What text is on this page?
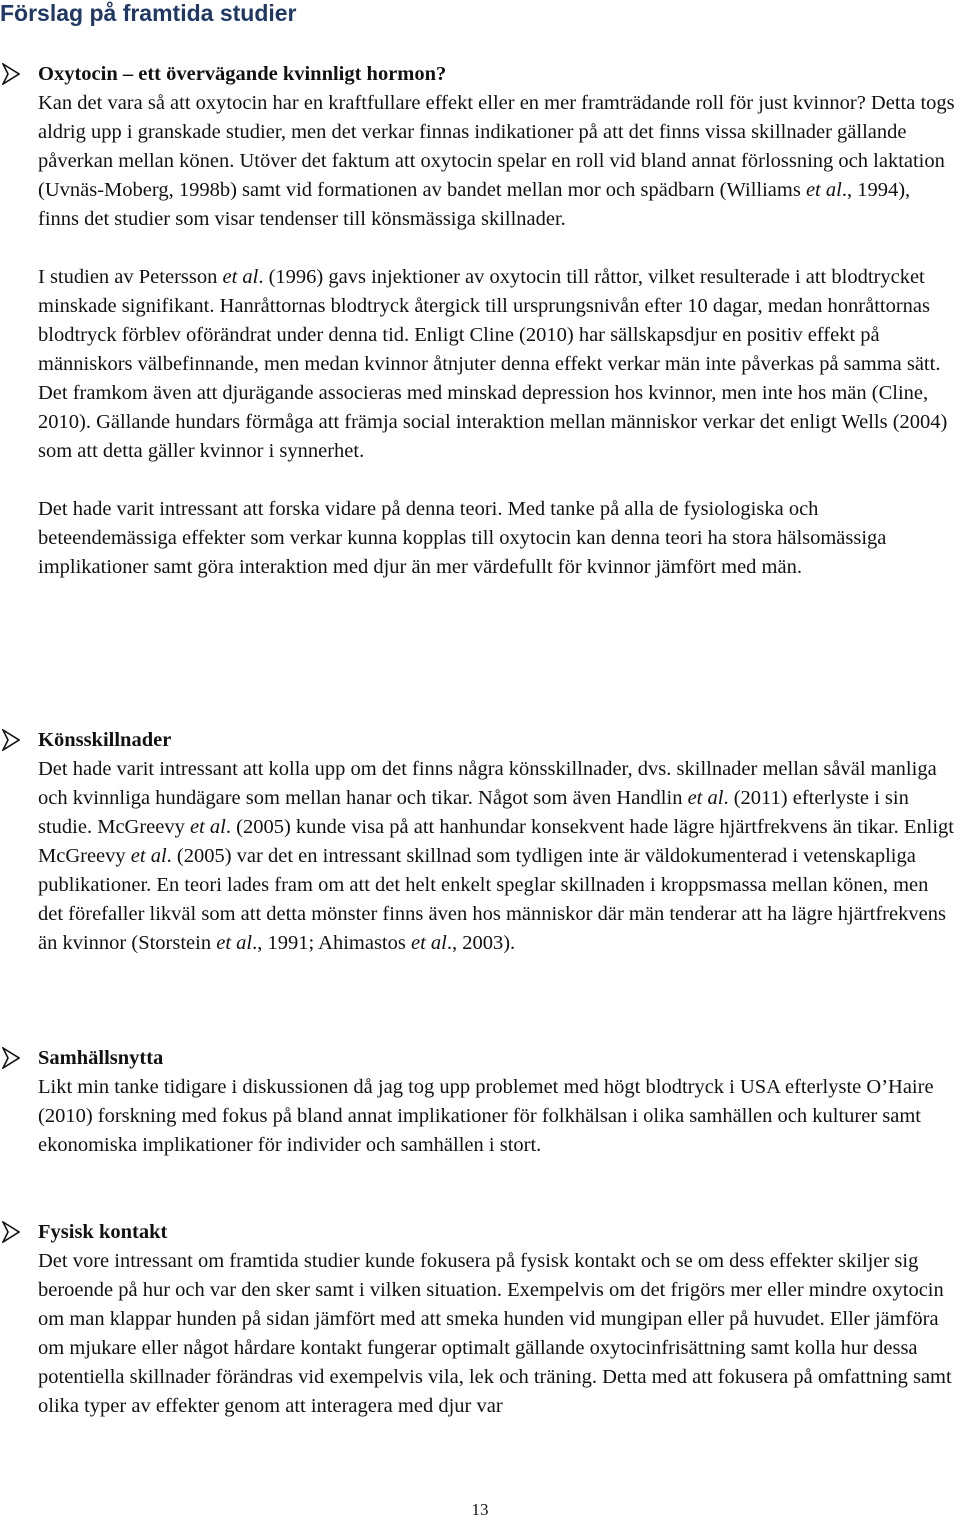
Förslag på framtida studier

Oxytocin – ett övervägande kvinnligt hormon?

Kan det vara så att oxytocin har en kraftfullare effekt eller en mer framträdande roll för just kvinnor? Detta togs aldrig upp i granskade studier, men det verkar finnas indikationer på att det finns vissa skillnader gällande påverkan mellan könen. Utöver det faktum att oxytocin spelar en roll vid bland annat förlossning och laktation (Uvnäs-Moberg, 1998b) samt vid formationen av bandet mellan mor och spädbarn (Williams et al., 1994), finns det studier som visar tendenser till könsmässiga skillnader.

I studien av Petersson et al. (1996) gavs injektioner av oxytocin till råttor, vilket resulterade i att blodtrycket minskade signifikant. Hanråttornas blodtryck återgick till ursprungsnivån efter 10 dagar, medan honråttornas blodtryck förblev oförändrat under denna tid. Enligt Cline (2010) har sällskapsdjur en positiv effekt på människors välbefinnande, men medan kvinnor åtnjuter denna effekt verkar män inte påverkas på samma sätt. Det framkom även att djurägande associeras med minskad depression hos kvinnor, men inte hos män (Cline, 2010). Gällande hundars förmåga att främja social interaktion mellan människor verkar det enligt Wells (2004) som att detta gäller kvinnor i synnerhet.

Det hade varit intressant att forska vidare på denna teori. Med tanke på alla de fysiologiska och beteendemässiga effekter som verkar kunna kopplas till oxytocin kan denna teori ha stora hälsomässiga implikationer samt göra interaktion med djur än mer värdefullt för kvinnor jämfört med män.

Könsskillnader

Det hade varit intressant att kolla upp om det finns några könsskillnader, dvs. skillnader mellan såväl manliga och kvinnliga hundägare som mellan hanar och tikar. Något som även Handlin et al. (2011) efterlyste i sin studie. McGreevy et al. (2005) kunde visa på att hanhundar konsekvent hade lägre hjärtfrekvens än tikar. Enligt McGreevy et al. (2005) var det en intressant skillnad som tydligen inte är väldokumenterad i vetenskapliga publikationer. En teori lades fram om att det helt enkelt speglar skillnaden i kroppsmassa mellan könen, men det förefaller likväl som att detta mönster finns även hos människor där män tenderar att ha lägre hjärtfrekvens än kvinnor (Storstein et al., 1991; Ahimastos et al., 2003).

Samhällsnytta

Likt min tanke tidigare i diskussionen då jag tog upp problemet med högt blodtryck i USA efterlyste O’Haire (2010) forskning med fokus på bland annat implikationer för folkhälsan i olika samhällen och kulturer samt ekonomiska implikationer för individer och samhällen i stort.

Fysisk kontakt

Det vore intressant om framtida studier kunde fokusera på fysisk kontakt och se om dess effekter skiljer sig beroende på hur och var den sker samt i vilken situation. Exempelvis om det frigörs mer eller mindre oxytocin om man klappar hunden på sidan jämfört med att smeka hunden vid mungipan eller på huvudet. Eller jämföra om mjukare eller något hårdare kontakt fungerar optimalt gällande oxytocinfrisättning samt kolla hur dessa potentiella skillnader förändras vid exempelvis vila, lek och träning. Detta med att fokusera på omfattning samt olika typer av effekter genom att interagera med djur var

13
